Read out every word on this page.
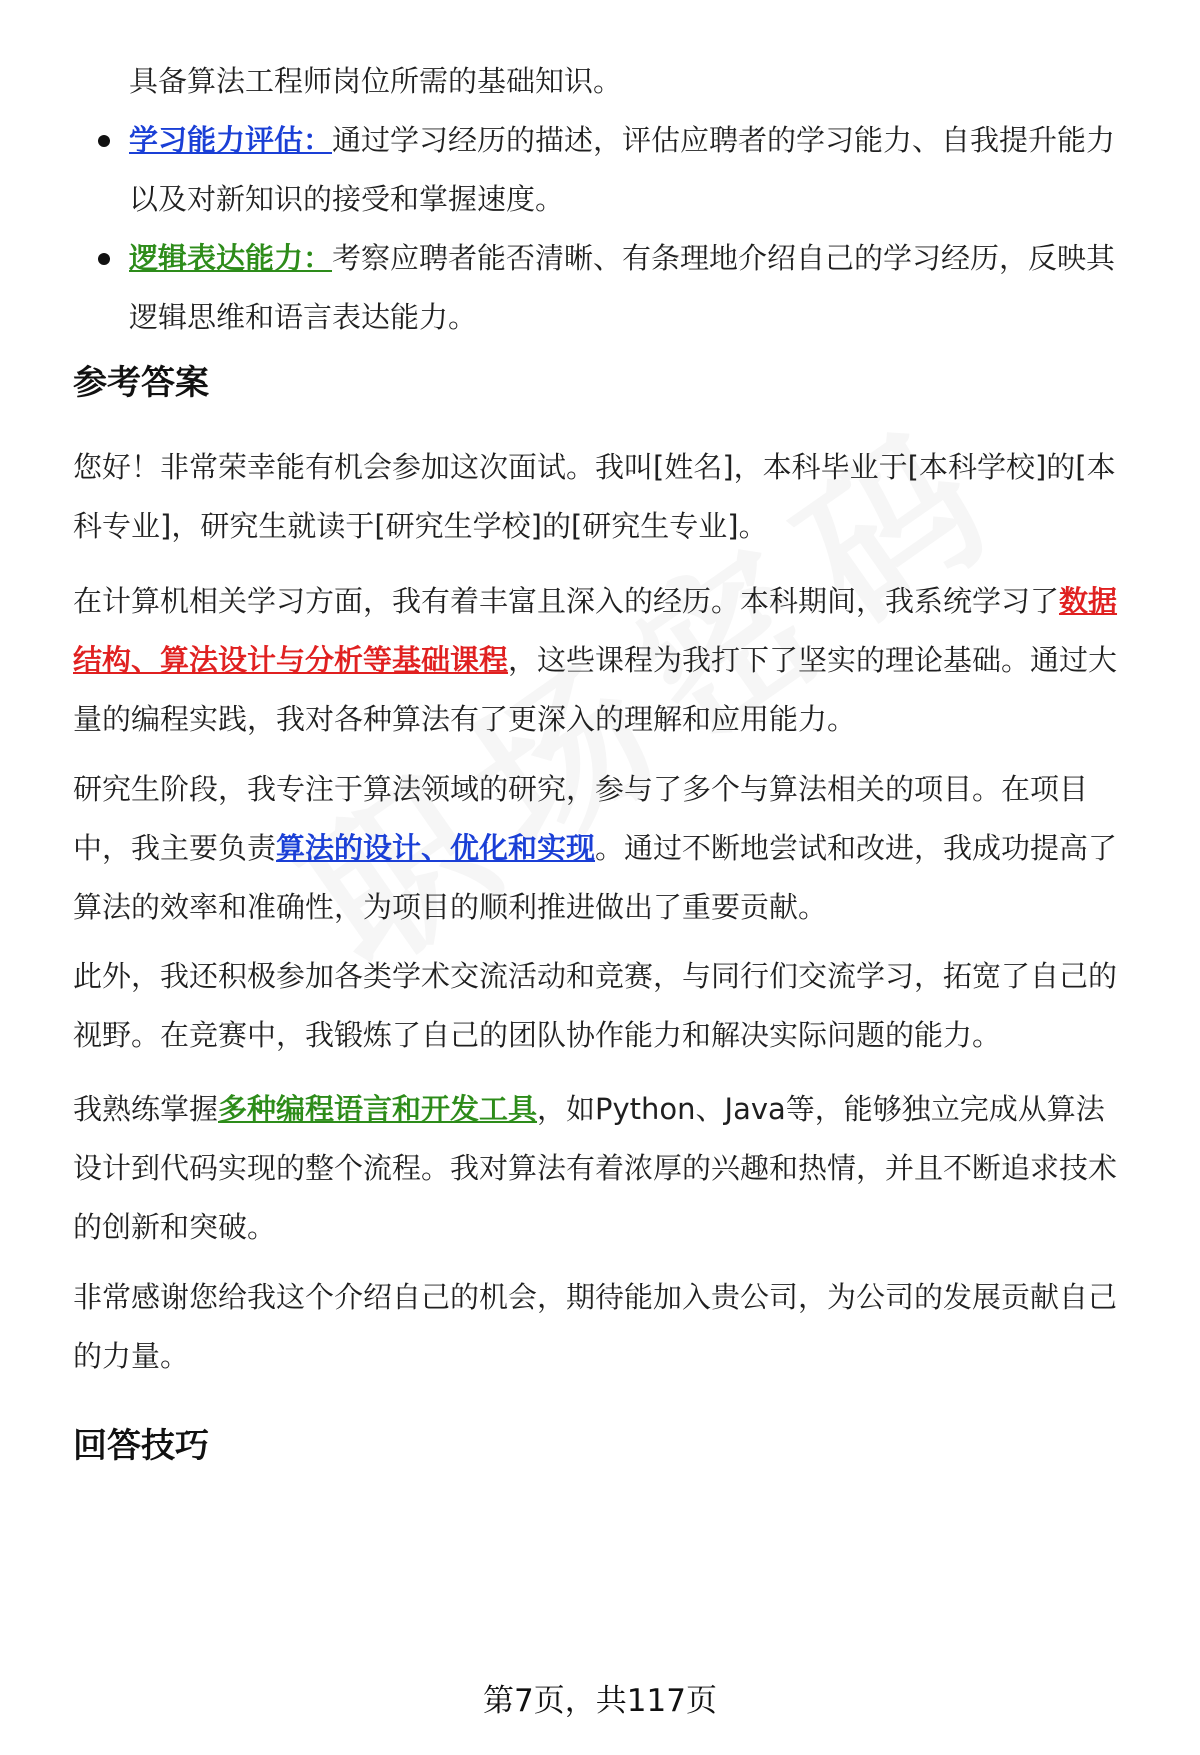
具备算法工程师岗位所需的基础知识。
学习能力评估：通过学习经历的描述，评估应聘者的学习能力、自我提升能力
以及对新知识的接受和掌握速度。
逻辑表达能力：考察应聘者能否清晰、有条理地介绍自己的学习经历，反映其
逻辑思维和语言表达能力。
参考答案
您好！非常荣幸能有机会参加这次面试。我叫[姓名]，本科毕业于[本科学校]的[本
科专业]，研究生就读于[研究生学校]的[研究生专业]。
在计算机相关学习方面，我有着丰富且深入的经历。本科期间，我系统学习了数据
结构、算法设计与分析等基础课程，这些课程为我打下了坚实的理论基础。通过大
量的编程实践，我对各种算法有了更深入的理解和应用能力。
研究生阶段，我专注于算法领域的研究，参与了多个与算法相关的项目。在项目
中，我主要负责算法的设计、优化和实现。通过不断地尝试和改进，我成功提高了
算法的效率和准确性，为项目的顺利推进做出了重要贡献。
此外，我还积极参加各类学术交流活动和竞赛，与同行们交流学习，拓宽了自己的
视野。在竞赛中，我锻炼了自己的团队协作能力和解决实际问题的能力。
我熟练掌握多种编程语言和开发工具，如Python、Java等，能够独立完成从算法
设计到代码实现的整个流程。我对算法有着浓厚的兴趣和热情，并且不断追求技术
的创新和突破。
非常感谢您给我这个介绍自己的机会，期待能加入贵公司，为公司的发展贡献自己
的力量。
回答技巧
第7页，共117页
